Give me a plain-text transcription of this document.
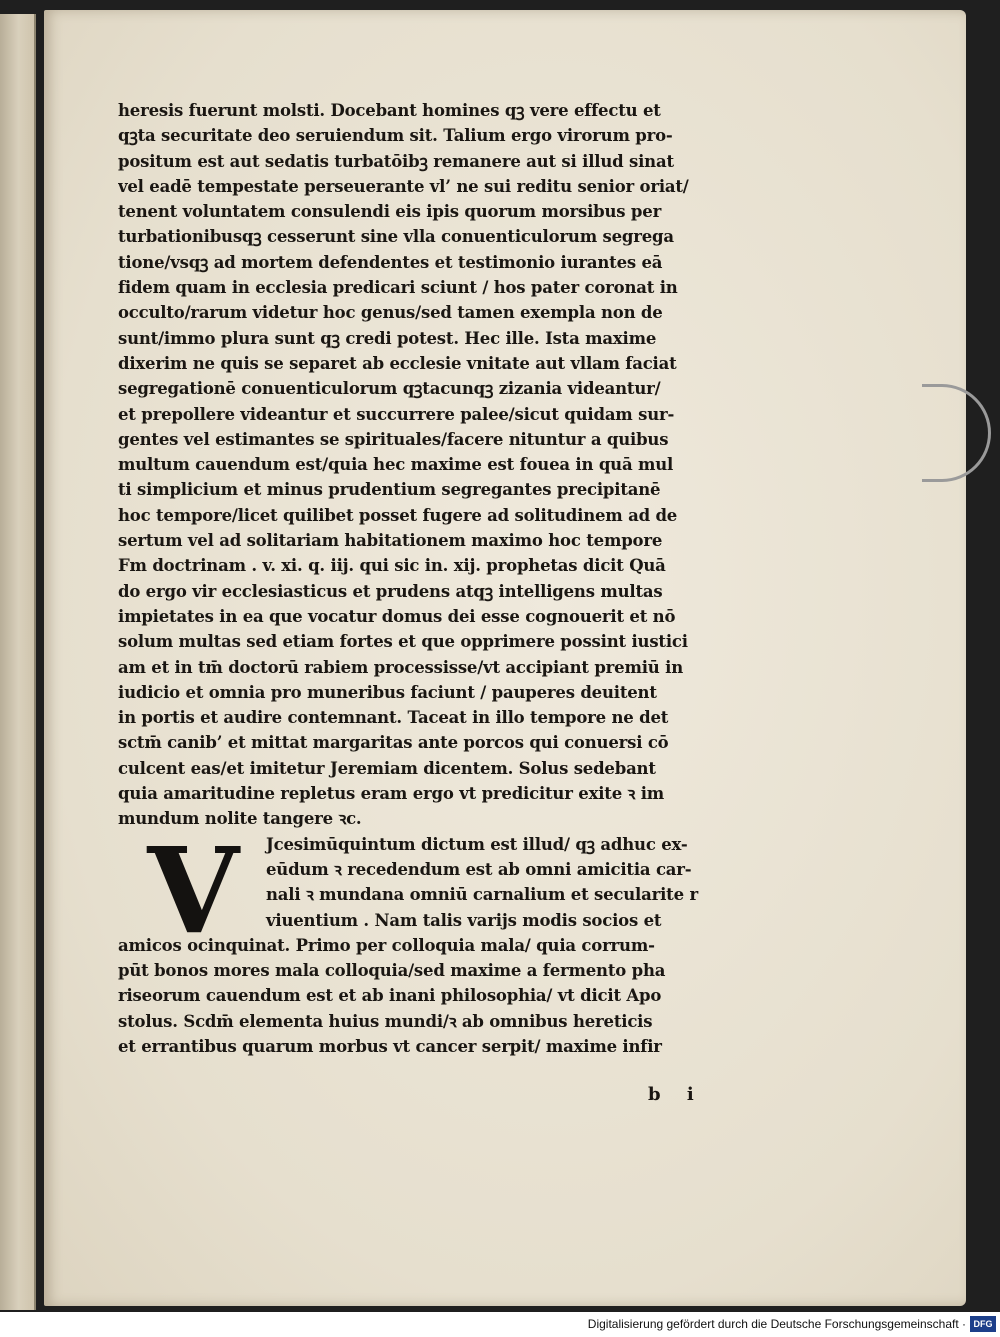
heresis fuerunt molsti. Docebant homines qꝫ vere effectu et
qꝫta securitate deo seruiendum sit. Talium ergo virorum pro-
positum est aut sedatis turbatōibꝫ remanere aut si illud sinat
vel eadē tempestate perseuerante vl’ ne sui reditu senior oriat/
tenent voluntatem consulendi eis ipis quorum morsibus per
turbationibusqꝫ cesserunt sine vlla conuenticulorum segrega
tione/vsqꝫ ad mortem defendentes et testimonio iurantes eā
fidem quam in ecclesia predicari sciunt / hos pater coronat in
occulto/rarum videtur hoc genus/sed tamen exempla non de
sunt/immo plura sunt qꝫ credi potest. Hec ille. Ista maxime
dixerim ne quis se separet ab ecclesie vnitate aut vllam faciat
segregationē conuenticulorum qꝫtacunqꝫ zizania videantur/
et prepollere videantur et succurrere palee/sicut quidam sur-
gentes vel estimantes se spirituales/facere nituntur a quibus
multum cauendum est/quia hec maxime est fouea in quā mul
ti simplicium et minus prudentium segregantes precipitanē
hoc tempore/licet quilibet posset fugere ad solitudinem ad de
sertum vel ad solitariam habitationem maximo hoc tempore
Fm doctrinam . v. xi. q. iij. qui sic in. xij. prophetas dicit Quā
do ergo vir ecclesiasticus et prudens atqꝫ intelligens multas
impietates in ea que vocatur domus dei esse cognouerit et nō
solum multas sed etiam fortes et que opprimere possint iustici
am et in tm̄ doctorū rabiem processisse/vt accipiant premiū in
iudicio et omnia pro muneribus faciunt / pauperes deuitent
in portis et audire contemnant. Taceat in illo tempore ne det
sctm̄ canib’ et mittat margaritas ante porcos qui conuersi cō
culcent eas/et imitetur Jeremiam dicentem. Solus sedebant
quia amaritudine repletus eram ergo vt predicitur exite ꝛ im
mundum nolite tangere ꝛc.
V	Jcesimūquintum dictum est illud/ qꝫ adhuc ex-
eūdum ꝛ recedendum est ab omni amicitia car-
nali ꝛ mundana omniū carnalium et secularite r
viuentium . Nam talis varijs modis socios et
amicos ocinquinat. Primo per colloquia mala/ quia corrum-
pūt bonos mores mala colloquia/sed maxime a fermento pha
riseorum cauendum est et ab inani philosophia/ vt dicit Apo
stolus. Scdm̄ elementa huius mundi/ꝛ ab omnibus hereticis
et errantibus quarum morbus vt cancer serpit/ maxime infir
b i
Digitalisierung gefördert durch die Deutsche Forschungsgemeinschaft · DFG
